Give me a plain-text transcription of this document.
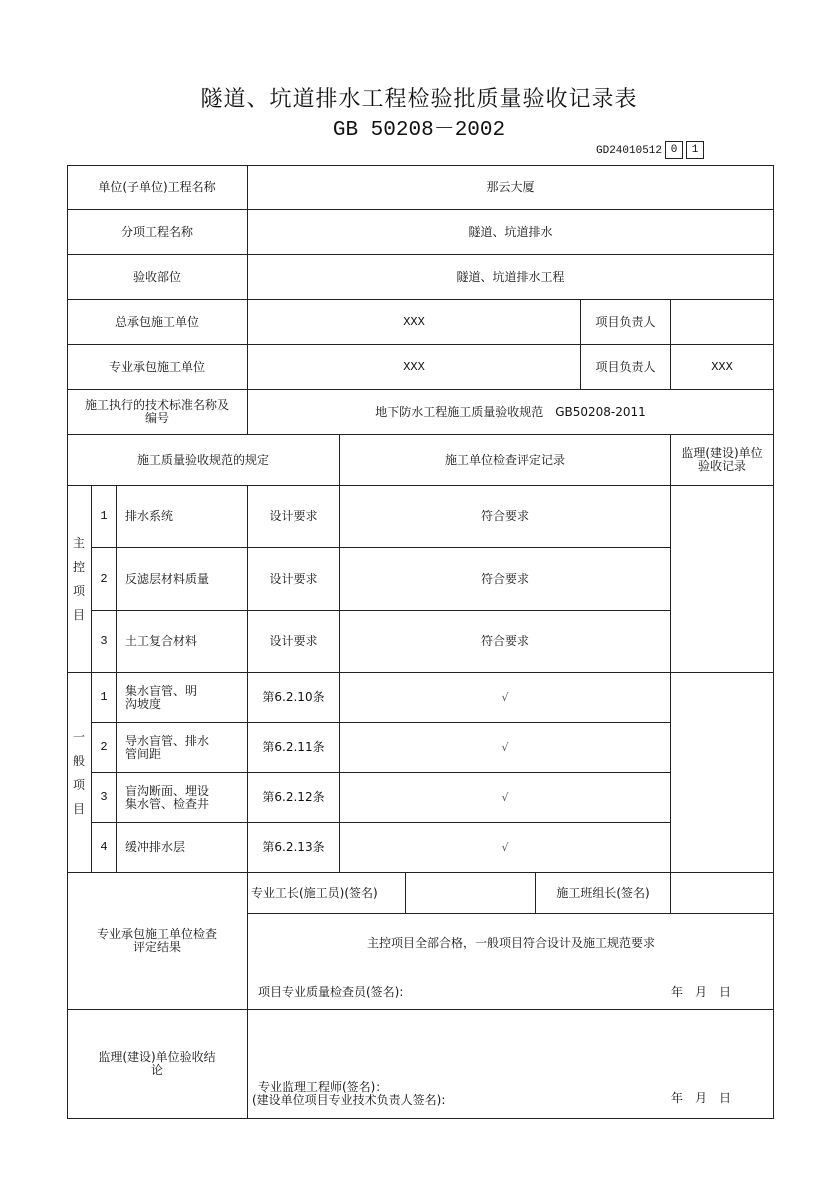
隧道、坑道排水工程检验批质量验收记录表
GB 50208－2002
GD24010512 0 1
单位(子单位)工程名称	那云大厦
分项工程名称	隧道、坑道排水
验收部位	隧道、坑道排水工程
总承包施工单位	XXX	项目负责人
专业承包施工单位	XXX	项目负责人	XXX
施工执行的技术标准名称及编号	地下防水工程施工质量验收规范　GB50208-2011
施工质量验收规范的规定	施工单位检查评定记录	监理(建设)单位验收记录
主控项目
1	排水系统	设计要求	符合要求
2	反滤层材料质量	设计要求	符合要求
3	土工复合材料	设计要求	符合要求
一般项目
1	集水盲管、明沟坡度	第6.2.10条	√
2	导水盲管、排水管间距	第6.2.11条	√
3	盲沟断面、埋设集水管、检查井	第6.2.12条	√
4	缓冲排水层	第6.2.13条	√
专业承包施工单位检查评定结果
专业工长(施工员)(签名)	施工班组长(签名)
主控项目全部合格，一般项目符合设计及施工规范要求
项目专业质量检查员(签名):	年　月　日
监理(建设)单位验收结论
专业监理工程师(签名)：
(建设单位项目专业技术负责人签名):	年　月　日
